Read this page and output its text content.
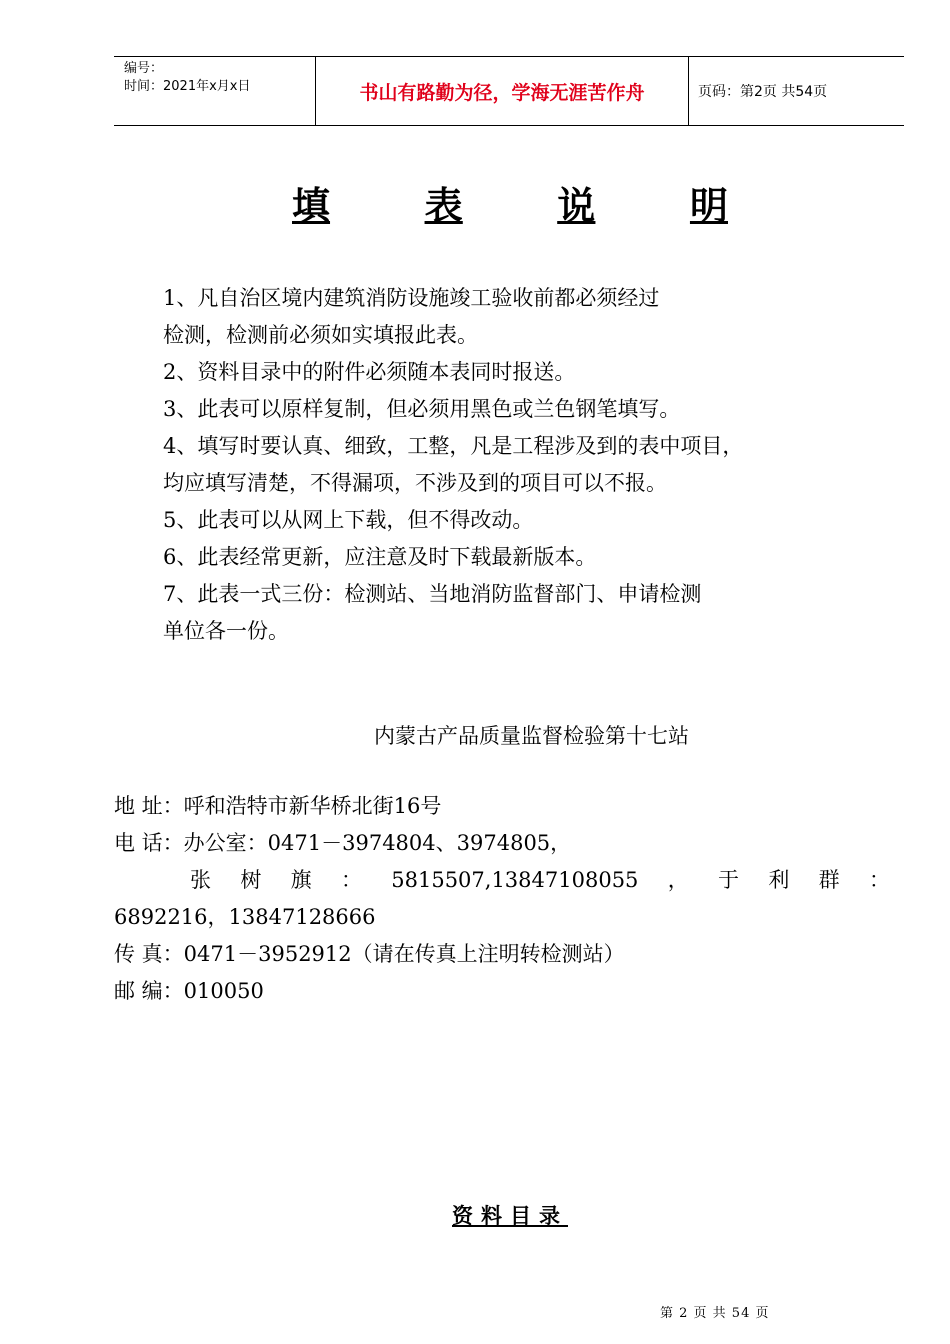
编号：
时间：2021年x月x日	书山有路勤为径，学海无涯苦作舟	页码：第2页 共54页
填 表 说 明

1、凡自治区境内建筑消防设施竣工验收前都必须经过

检测，检测前必须如实填报此表。

2、资料目录中的附件必须随本表同时报送。

3、此表可以原样复制，但必须用黑色或兰色钢笔填写。

4、填写时要认真、细致，工整，凡是工程涉及到的表中项目，

均应填写清楚，不得漏项，不涉及到的项目可以不报。

5、此表可以从网上下载，但不得改动。

6、此表经常更新，应注意及时下载最新版本。

7、此表一式三份：检测站、当地消防监督部门、申请检测

单位各一份。

内蒙古产品质量监督检验第十七站

地 址：呼和浩特市新华桥北街16号

电 话：办公室：0471－3974804、3974805，

张 树 旗 ： 5815507,13847108055 ， 于 利 群 ：

6892216，13847128666

传 真：0471－3952912（请在传真上注明转检测站）

邮 编：010050

资料目录
第 2 页 共 54 页
